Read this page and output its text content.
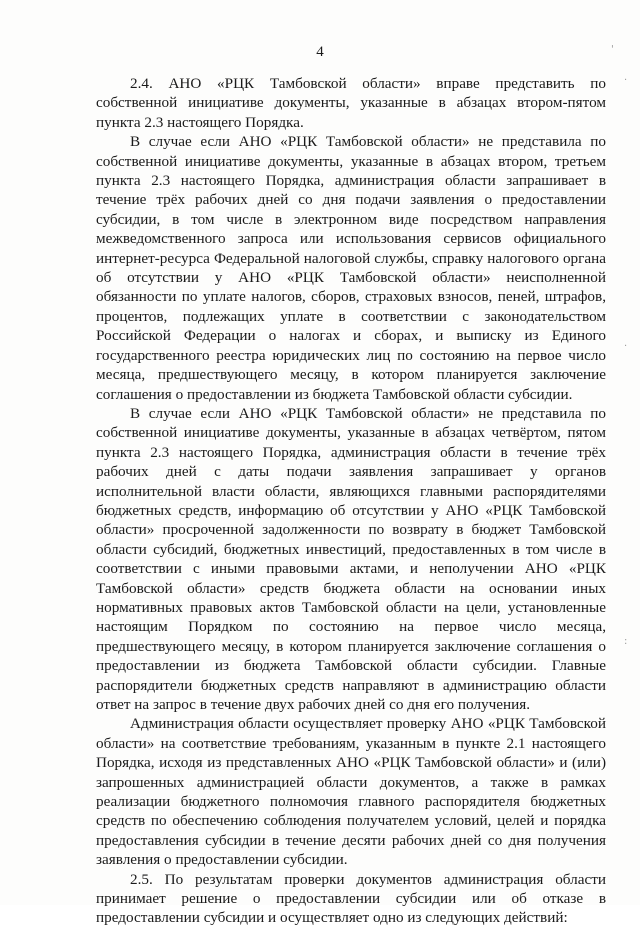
4

2.4. АНО «РЦК Тамбовской области» вправе представить по собственной инициативе документы, указанные в абзацах втором-пятом пункта 2.3 настоящего Порядка.

В случае если АНО «РЦК Тамбовской области» не представила по собственной инициативе документы, указанные в абзацах втором, третьем пункта 2.3 настоящего Порядка, администрация области запрашивает в течение трёх рабочих дней со дня подачи заявления о предоставлении субсидии, в том числе в электронном виде посредством направления межведомственного запроса или использования сервисов официального интернет-ресурса Федеральной налоговой службы, справку налогового органа об отсутствии у АНО «РЦК Тамбовской области» неисполненной обязанности по уплате налогов, сборов, страховых взносов, пеней, штрафов, процентов, подлежащих уплате в соответствии с законодательством Российской Федерации о налогах и сборах, и выписку из Единого государственного реестра юридических лиц по состоянию на первое число месяца, предшествующего месяцу, в котором планируется заключение соглашения о предоставлении из бюджета Тамбовской области субсидии.

В случае если АНО «РЦК Тамбовской области» не представила по собственной инициативе документы, указанные в абзацах четвёртом, пятом пункта 2.3 настоящего Порядка, администрация области в течение трёх рабочих дней с даты подачи заявления запрашивает у органов исполнительной власти области, являющихся главными распорядителями бюджетных средств, информацию об отсутствии у АНО «РЦК Тамбовской области» просроченной задолженности по возврату в бюджет Тамбовской области субсидий, бюджетных инвестиций, предоставленных в том числе в соответствии с иными правовыми актами, и неполучении АНО «РЦК Тамбовской области» средств бюджета области на основании иных нормативных правовых актов Тамбовской области на цели, установленные настоящим Порядком по состоянию на первое число месяца, предшествующего месяцу, в котором планируется заключение соглашения о предоставлении из бюджета Тамбовской области субсидии. Главные распорядители бюджетных средств направляют в администрацию области ответ на запрос в течение двух рабочих дней со дня его получения.

Администрация области осуществляет проверку АНО «РЦК Тамбовской области» на соответствие требованиям, указанным в пункте 2.1 настоящего Порядка, исходя из представленных АНО «РЦК Тамбовской области» и (или) запрошенных администрацией области документов, а также в рамках реализации бюджетного полномочия главного распорядителя бюджетных средств по обеспечению соблюдения получателем условий, целей и порядка предоставления субсидии в течение десяти рабочих дней со дня получения заявления о предоставлении субсидии.

2.5. По результатам проверки документов администрация области принимает решение о предоставлении субсидии или об отказе в предоставлении субсидии и осуществляет одно из следующих действий:

'
.
.
:
